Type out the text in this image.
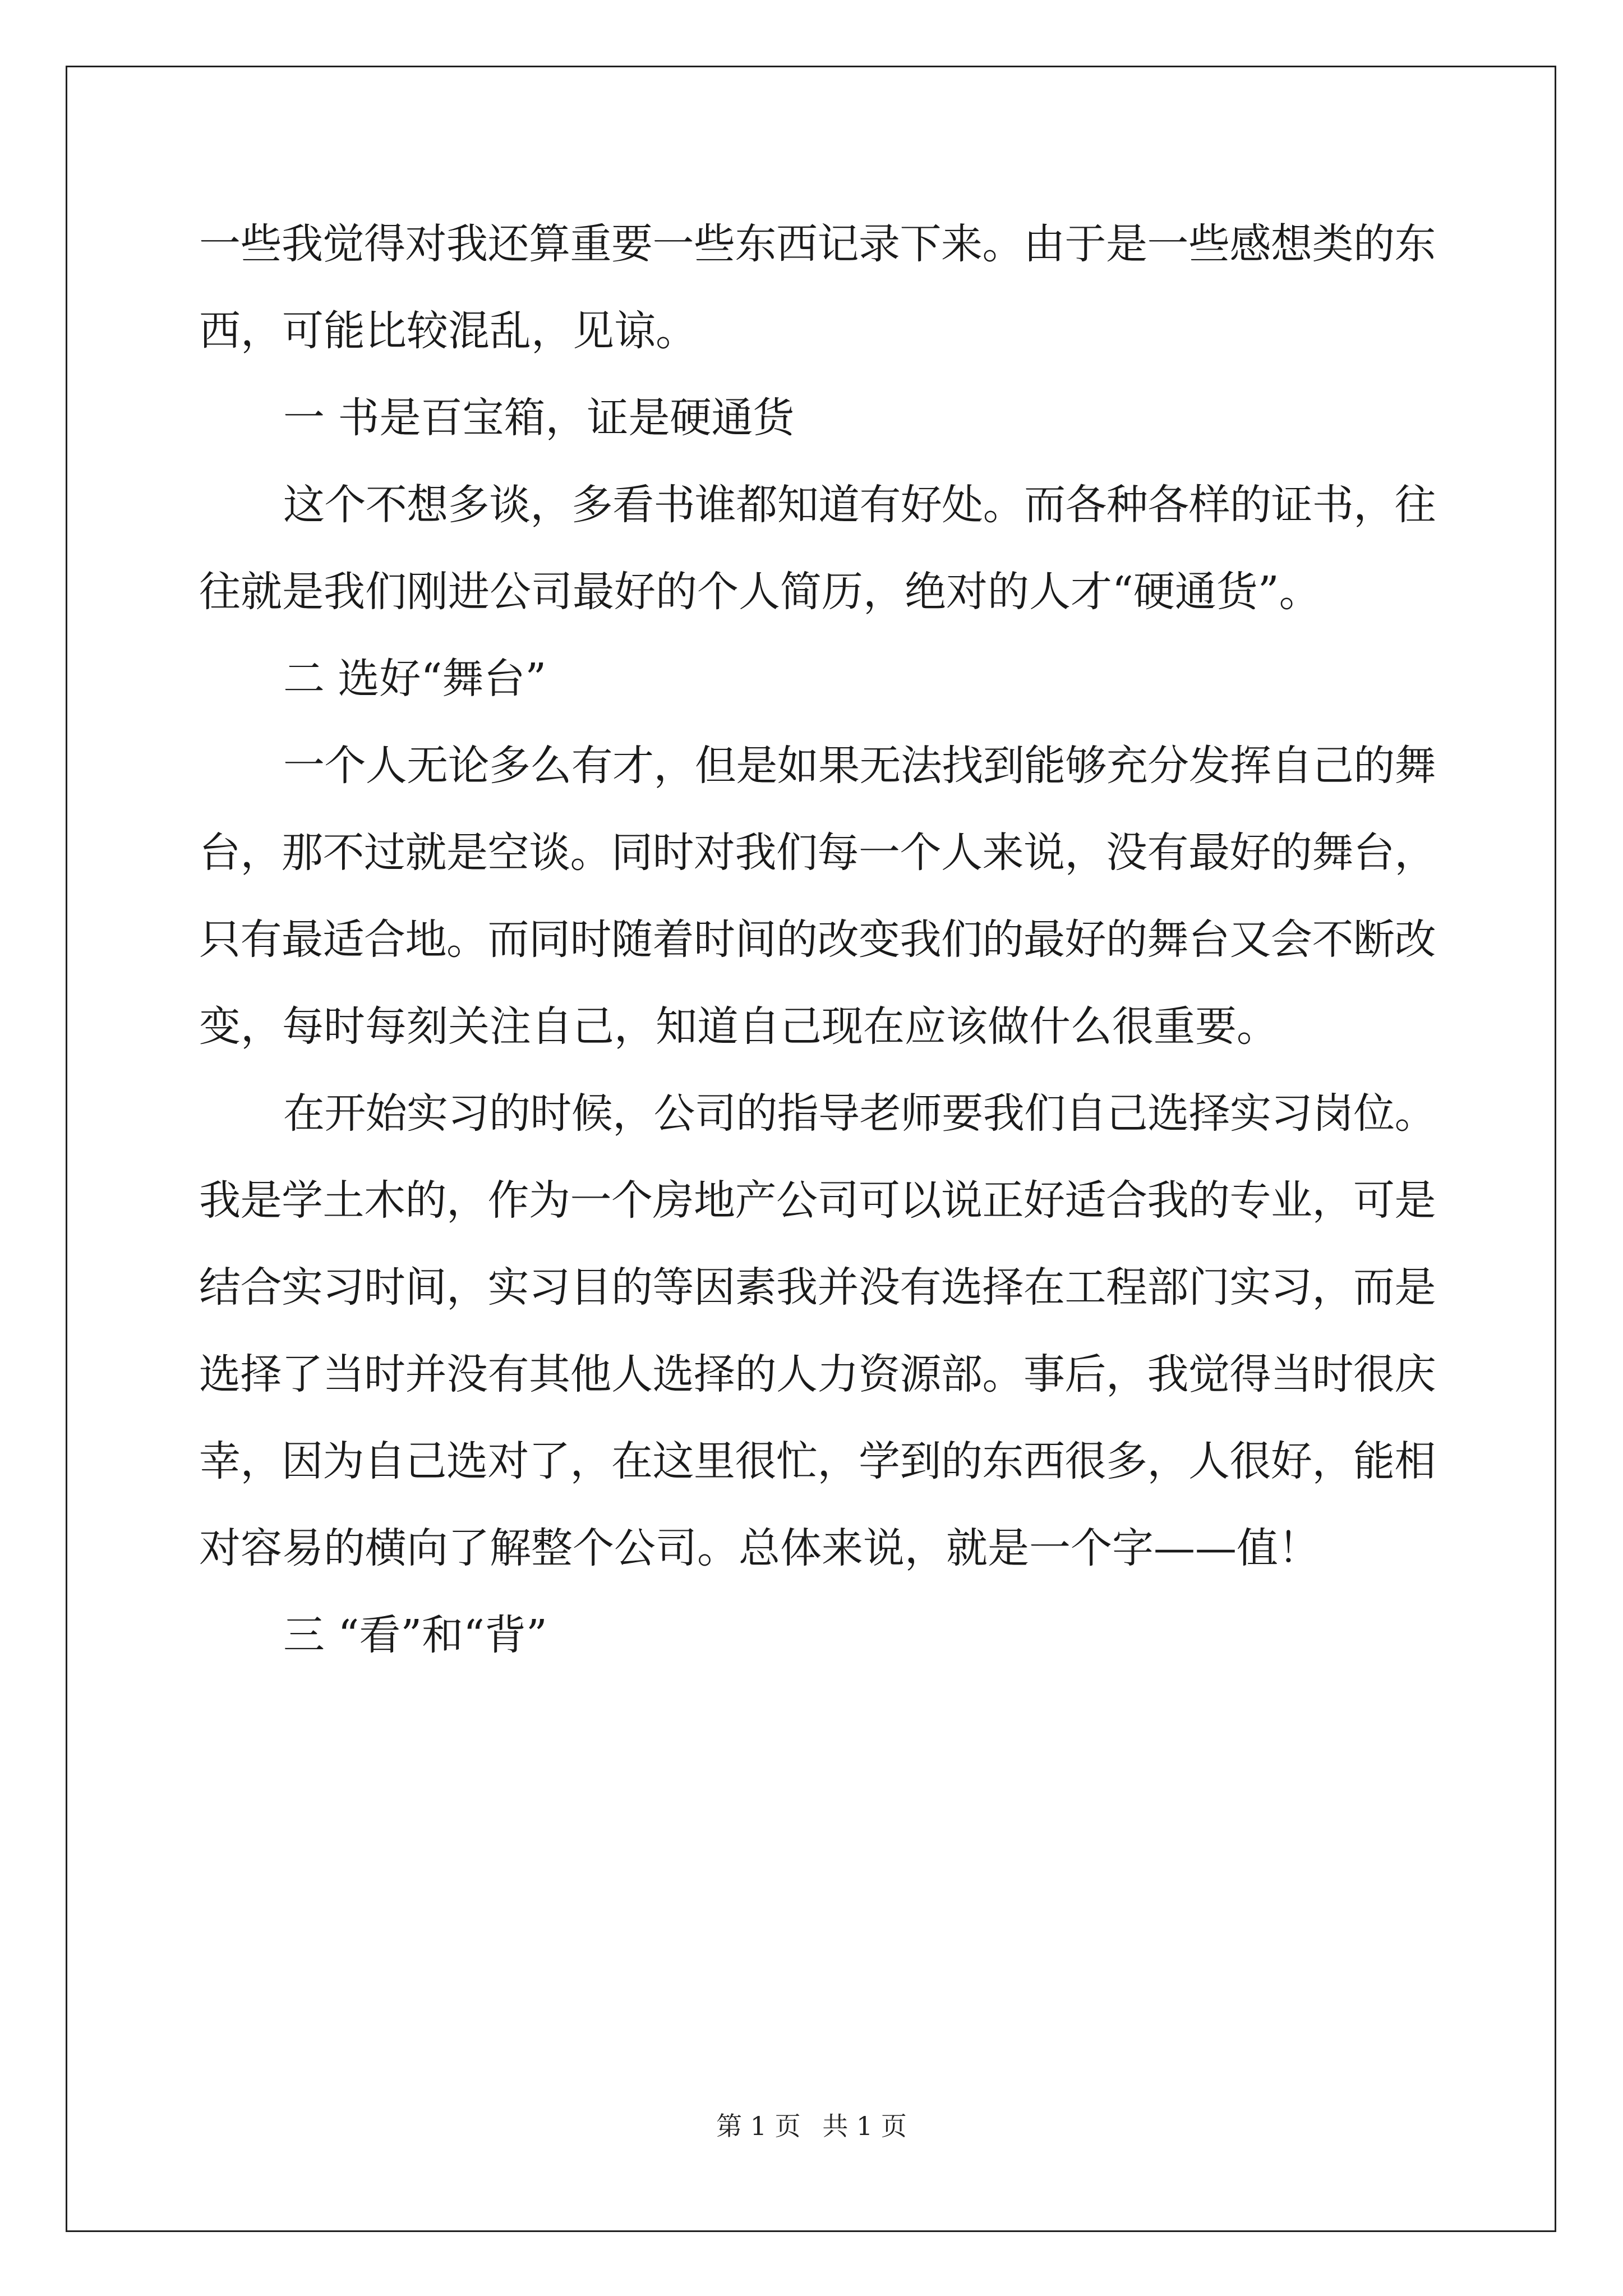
一些我觉得对我还算重要一些东西记录下来。由于是一些感想类的东
西，可能比较混乱，见谅。
一 书是百宝箱，证是硬通货
这个不想多谈，多看书谁都知道有好处。而各种各样的证书，往
往就是我们刚进公司最好的个人简历，绝对的人才“硬通货”。
二 选好“舞台”
一个人无论多么有才，但是如果无法找到能够充分发挥自己的舞
台，那不过就是空谈。同时对我们每一个人来说，没有最好的舞台，
只有最适合地。而同时随着时间的改变我们的最好的舞台又会不断改
变，每时每刻关注自己，知道自己现在应该做什么很重要。
在开始实习的时候，公司的指导老师要我们自己选择实习岗位。
我是学土木的，作为一个房地产公司可以说正好适合我的专业，可是
结合实习时间，实习目的等因素我并没有选择在工程部门实习，而是
选择了当时并没有其他人选择的人力资源部。事后，我觉得当时很庆
幸，因为自己选对了，在这里很忙，学到的东西很多，人很好，能相
对容易的横向了解整个公司。总体来说，就是一个字——值！
三 “看”和“背”
第 1 页 共 1 页
